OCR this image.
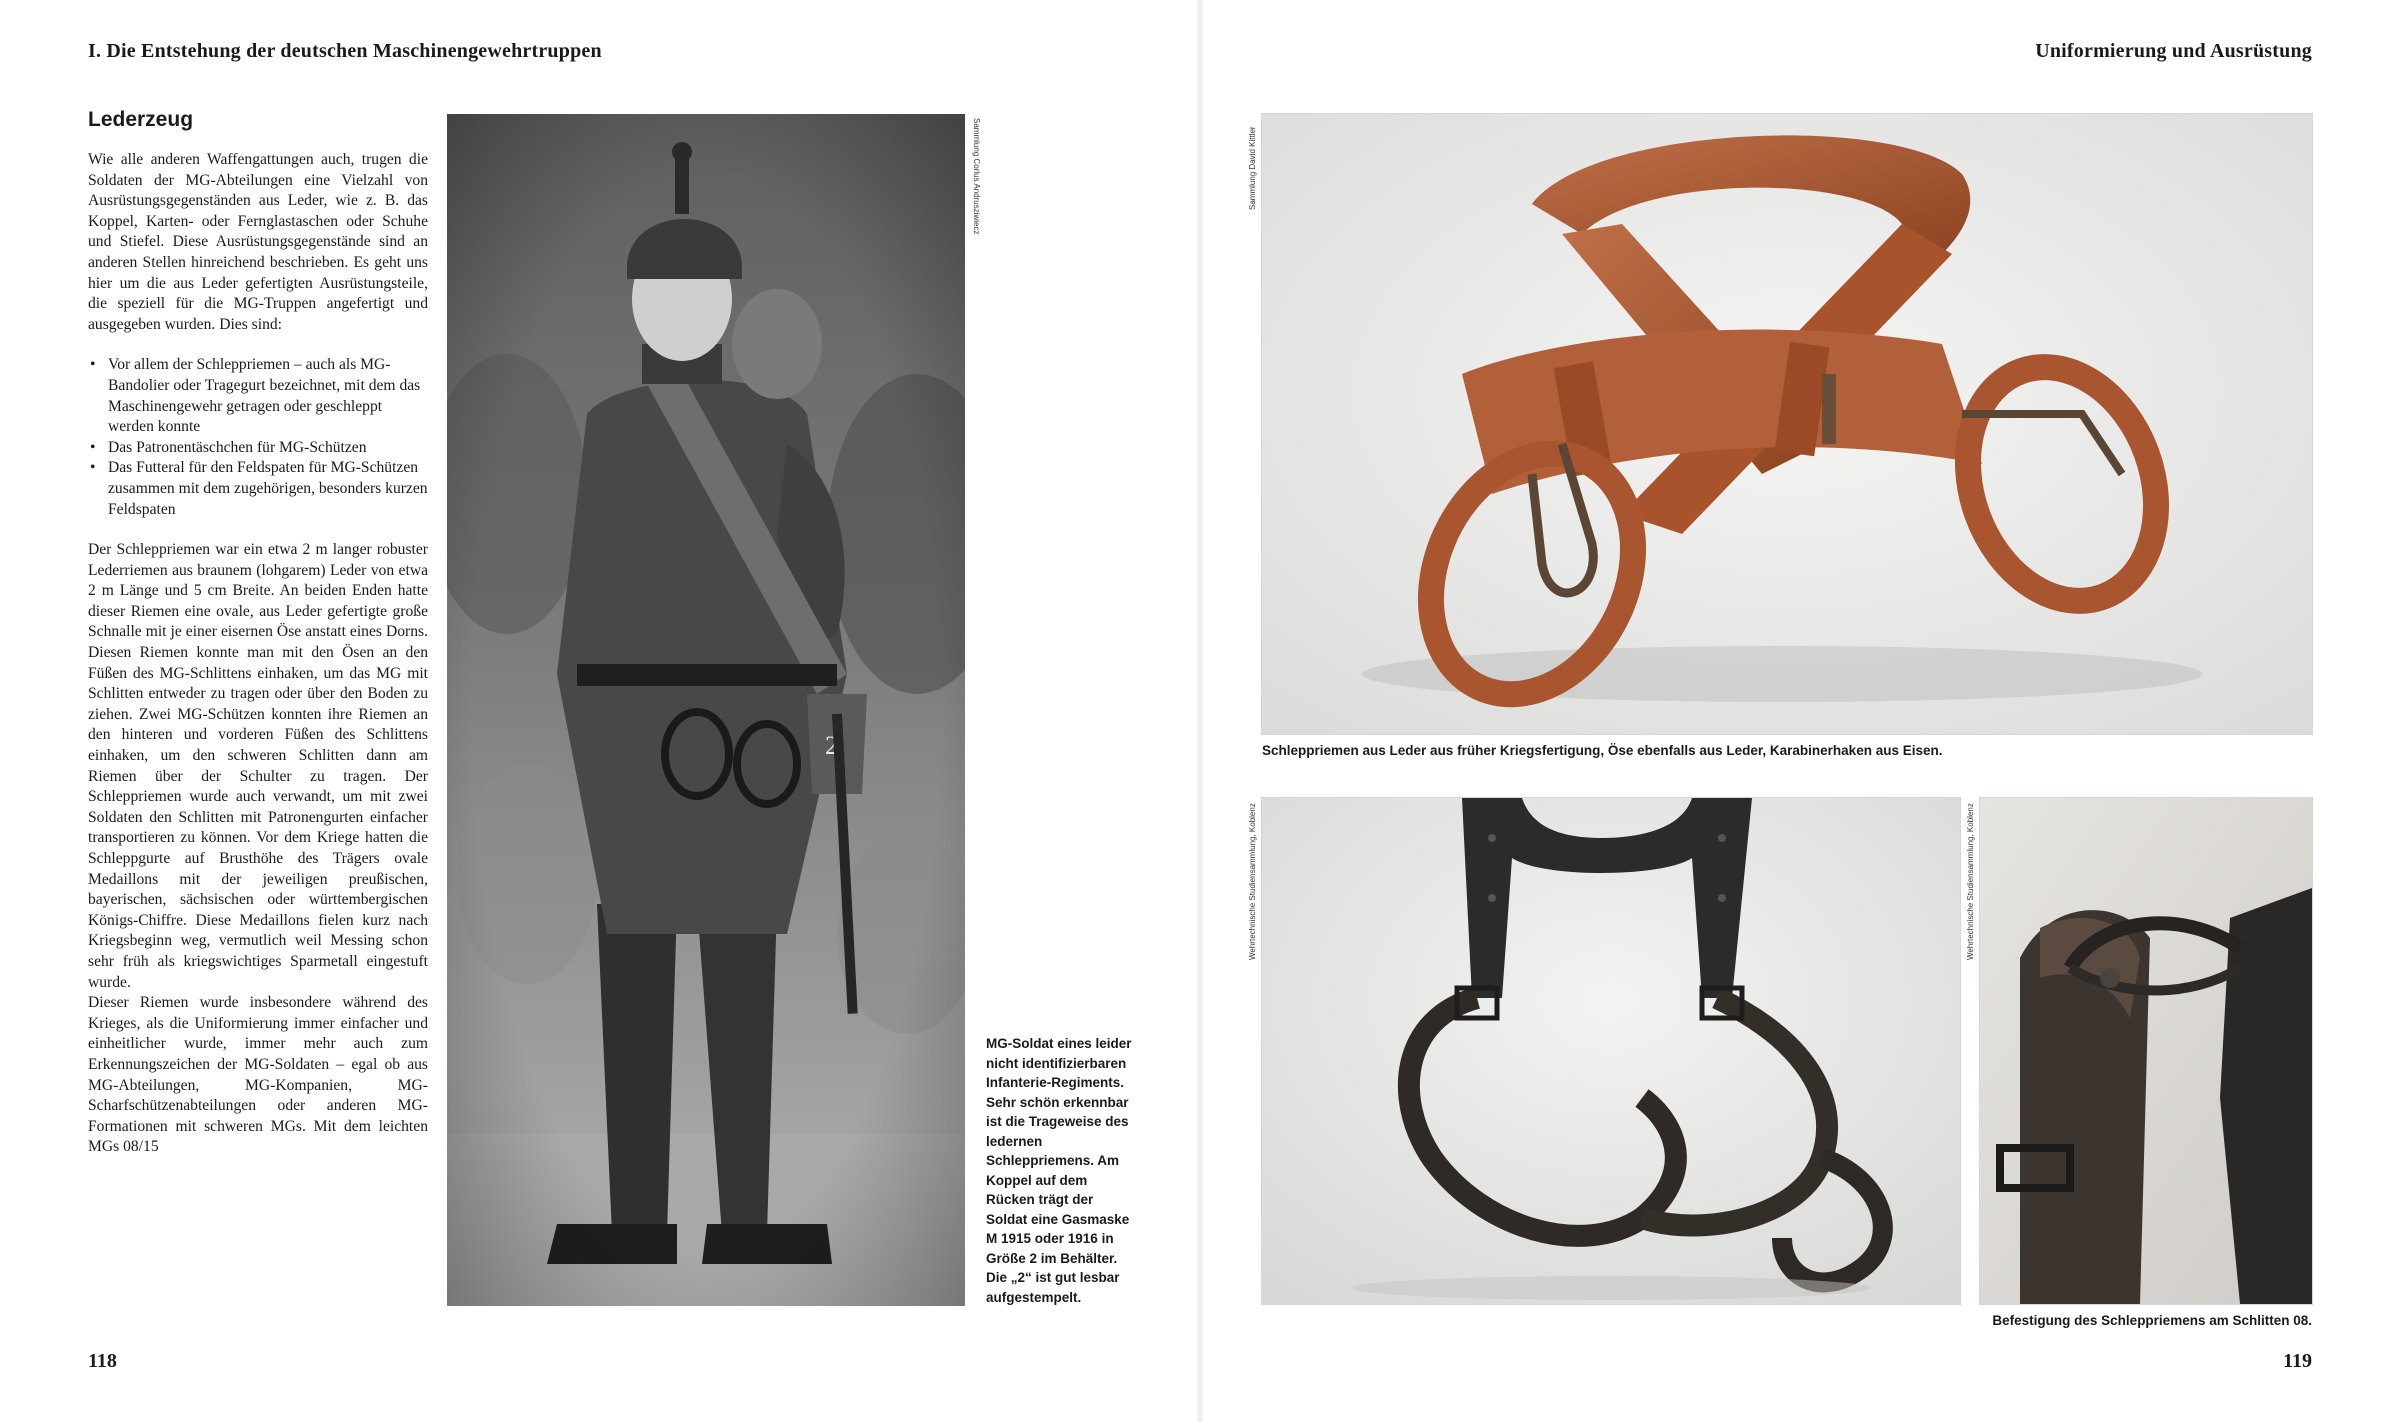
I. Die Entstehung der deutschen Maschinengewehrtruppen
Lederzeug

Wie alle anderen Waffengattungen auch, trugen die Soldaten der MG-Abteilungen eine Vielzahl von Ausrüstungsgegenständen aus Leder, wie z. B. das Koppel, Karten- oder Fernglastaschen oder Schuhe und Stiefel. Diese Ausrüstungsgegenstände sind an anderen Stellen hinreichend beschrieben. Es geht uns hier um die aus Leder gefertigten Ausrüstungsteile, die speziell für die MG-Truppen angefertigt und ausgegeben wurden. Dies sind:

• Vor allem der Schleppriemen – auch als MG-Bandolier oder Tragegurt bezeichnet, mit dem das Maschinengewehr getragen oder geschleppt werden konnte
• Das Patronentäschchen für MG-Schützen
• Das Futteral für den Feldspaten für MG-Schützen zusammen mit dem zugehörigen, besonders kurzen Feldspaten

Der Schleppriemen war ein etwa 2 m langer robuster Lederriemen aus braunem (lohgarem) Leder von etwa 2 m Länge und 5 cm Breite. An beiden Enden hatte dieser Riemen eine ovale, aus Leder gefertigte große Schnalle mit je einer eisernen Öse anstatt eines Dorns. Diesen Riemen konnte man mit den Ösen an den Füßen des MG-Schlittens einhaken, um das MG mit Schlitten entweder zu tragen oder über den Boden zu ziehen. Zwei MG-Schützen konnten ihre Riemen an den hinteren und vorderen Füßen des Schlittens einhaken, um den schweren Schlitten dann am Riemen über der Schulter zu tragen. Der Schleppriemen wurde auch verwandt, um mit zwei Soldaten den Schlitten mit Patronengurten einfacher transportieren zu können. Vor dem Kriege hatten die Schleppgurte auf Brusthöhe des Trägers ovale Medaillons mit der jeweiligen preußischen, bayerischen, sächsischen oder württembergischen Königs-Chiffre. Diese Medaillons fielen kurz nach Kriegsbeginn weg, vermutlich weil Messing schon sehr früh als kriegswichtiges Sparmetall eingestuft wurde.

Dieser Riemen wurde insbesondere während des Krieges, als die Uniformierung immer einfacher und einheitlicher wurde, immer mehr auch zum Erkennungszeichen der MG-Soldaten – egal ob aus MG-Abteilungen, MG-Kompanien, MG-Scharfschützenabteilungen oder anderen MG-Formationen mit schweren MGs. Mit dem leichten MGs 08/15

Sammlung Corlus Andrusziwiecz
MG-Soldat eines leider nicht identifizierbaren Infanterie-Regiments. Sehr schön erkennbar ist die Trageweise des ledernen Schleppriemens. Am Koppel auf dem Rücken trägt der Soldat eine Gasmaske M 1915 oder 1916 in Größe 2 im Behälter. Die „2“ ist gut lesbar aufgestempelt.
118
Uniformierung und Ausrüstung
Sammlung David Kittler
Schleppriemen aus Leder aus früher Kriegsfertigung, Öse ebenfalls aus Leder, Karabinerhaken aus Eisen.
Wehrtechnische Studiensammlung, Koblenz	Wehrtechnische Studiensammlung, Koblenz
Befestigung des Schleppriemens am Schlitten 08.
119
